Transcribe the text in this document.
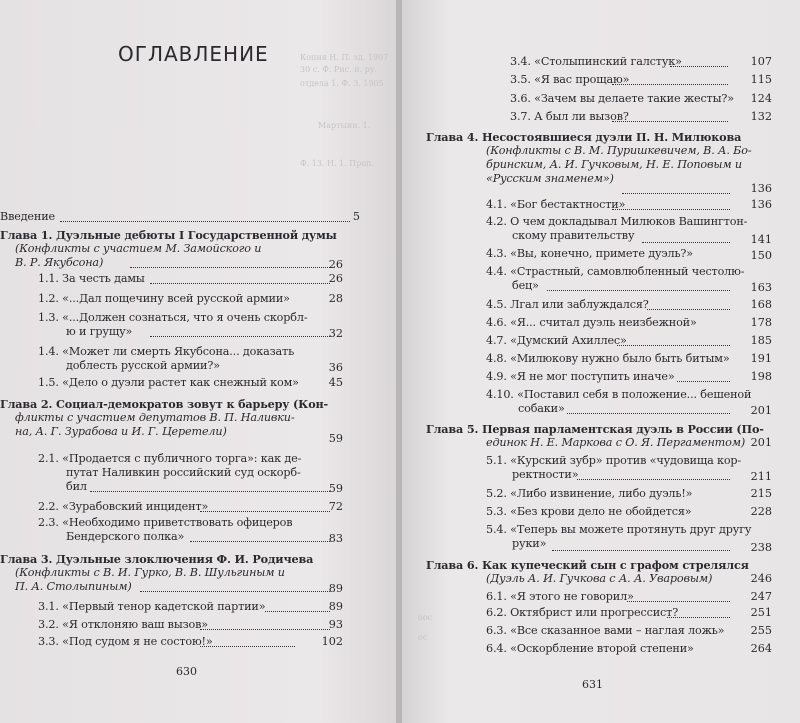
Копия Н. П. эд. 1907
30 с. Ф. Рис. и. ру.
отдела 1. Ф. 3. 1905
Мартыин. 1.
Ф. 13. Н. 1. Проп.
ОГЛАВЛЕНИЕ
Введение	5
Глава 1. Дуэльные дебюты I Государственной думы
(Конфликты с участием М. Замойского и
В. Р. Якубсона)	26
1.1. За честь дамы	26
1.2. «...Дал пощечину всей русской армии»	28
1.3. «...Должен сознаться, что я очень скорбл-
ю и грущу»	32
1.4. «Может ли смерть Якубсона... доказать
доблесть русской армии?»	36
1.5. «Дело о дуэли растет как снежный ком»	45
Глава 2. Социал-демократов зовут к барьеру (Кон-
фликты с участием депутатов В. П. Наливки-
на, А. Г. Зурабова и И. Г. Церетели)
59
2.1. «Продается с публичного торга»: как де-
путат Наливкин российский суд оскорб-
бил	59
2.2. «Зурабовский инцидент»	72
2.3. «Необходимо приветствовать офицеров
Бендерского полка»	83
Глава 3. Дуэльные злоключения Ф. И. Родичева
(Конфликты с В. И. Гурко, В. В. Шульгиным и
П. А. Столыпиным)	89
3.1. «Первый тенор кадетской партии»	89
3.2. «Я отклоняю ваш вызов»	93
3.3. «Под судом я не состою!»	102
630
3.4. «Столыпинский галстук»	107
3.5. «Я вас прощаю»	115
3.6. «Зачем вы делаете такие жесты?»	124
3.7. А был ли вызов?	132
Глава 4. Несостоявшиеся дуэли П. Н. Милюкова
(Конфликты с В. М. Пуришкевичем, В. А. Бо-
бринским, А. И. Гучковым, Н. Е. Поповым и
«Русским знаменем»)
136
4.1. «Бог бестактности»	136
4.2. О чем докладывал Милюков Вашингтон-
скому правительству	141
4.3. «Вы, конечно, примете дуэль?»	150
4.4. «Страстный, самовлюбленный честолю-
бец»	163
4.5. Лгал или заблуждался?	168
4.6. «Я... считал дуэль неизбежной»	178
4.7. «Думский Ахиллес»	185
4.8. «Милюкову нужно было быть битым»	191
4.9. «Я не мог поступить иначе»	198
4.10. «Поставил себя в положение... бешеной
собаки»	201
Глава 5. Первая парламентская дуэль в России (По-
единок Н. Е. Маркова с О. Я. Пергаментом) 201
5.1. «Курский зубр» против «чудовища кор-
ректности»	211
5.2. «Либо извинение, либо дуэль!»	215
5.3. «Без крови дело не обойдется»	228
5.4. «Теперь вы можете протянуть друг другу
руки»	238
Глава 6. Как купеческий сын с графом стрелялся
(Дуэль А. И. Гучкова с А. А. Уваровым)	246
6.1. «Я этого не говорил»	247
6.2. Октябрист или прогрессист?	251
6.3. «Все сказанное вами – наглая ложь»	255
6.4. «Оскорбление второй степени»	264
оос
ос
631
